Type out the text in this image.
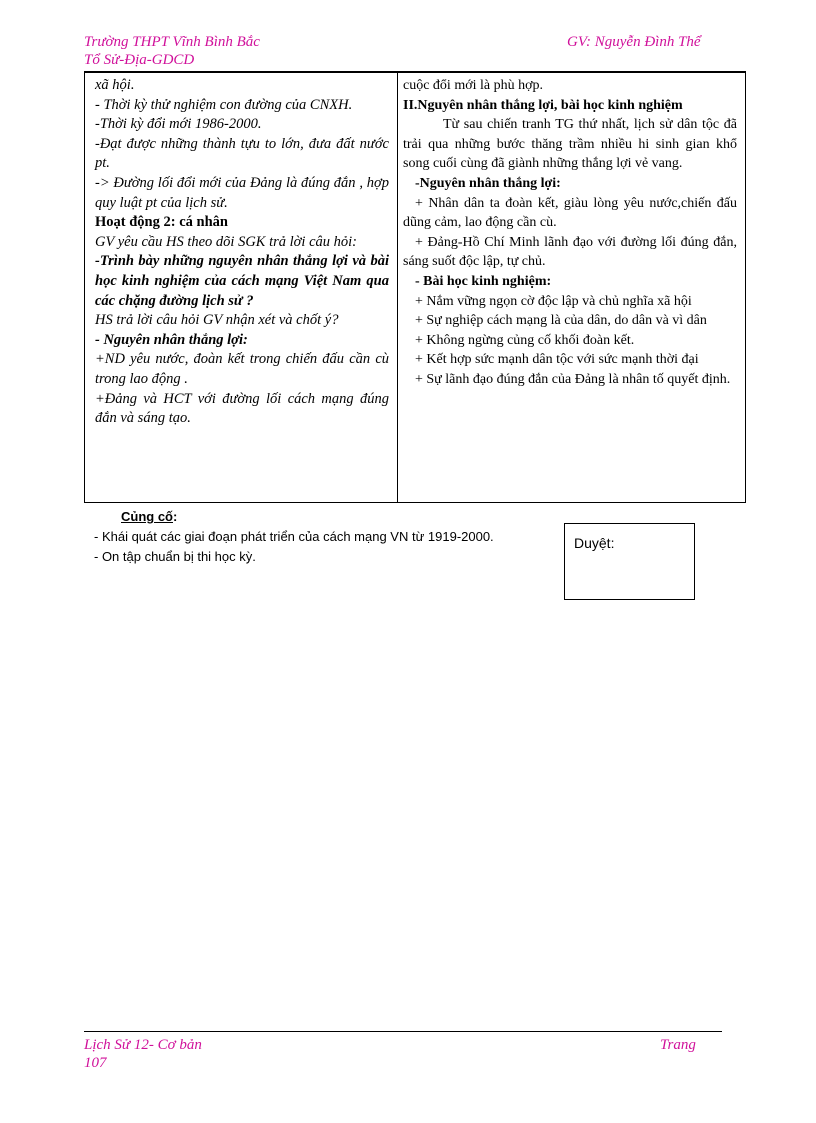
Trường THPT Vĩnh Bình Bắc
Tổ Sử-Địa-GDCD
GV: Nguyễn Đình Thể
xã hội.
- Thời kỳ thử nghiệm con đường của CNXH.
-Thời kỳ đổi mới 1986-2000.
-Đạt được những thành tựu to lớn, đưa đất nước pt.
-> Đường lối đổi mới của Đảng là đúng đắn , hợp quy luật pt của lịch sử.
Hoạt động 2: cá nhân
GV yêu cầu HS theo dõi SGK trả lời câu hỏi:
-Trình bày những nguyên nhân thắng lợi và bài học kinh nghiệm của cách mạng Việt Nam qua các chặng đường lịch sử ?
HS trả lời câu hỏi GV nhận xét và chốt ý?
- Nguyên nhân thắng lợi:
+ND yêu nước, đoàn kết trong chiến đấu cần cù trong lao động .
+Đảng và HCT với đường lối cách mạng đúng đắn và sáng tạo.
cuộc đổi mới là phù hợp.
II.Nguyên nhân thắng lợi, bài học kinh nghiệm
Từ sau chiến tranh TG thứ nhất, lịch sử dân tộc đã trải qua những bước thăng trầm nhiều hi sinh gian khổ song cuối cùng đã giành những thắng lợi vẻ vang.
-Nguyên nhân thắng lợi:
+ Nhân dân ta đoàn kết, giàu lòng yêu nước,chiến đấu dũng cảm, lao động cần cù.
+ Đảng-Hồ Chí Minh lãnh đạo với đường lối đúng đắn, sáng suốt độc lập, tự chủ.
- Bài học kinh nghiệm:
+ Nắm vững ngọn cờ độc lập và chủ nghĩa xã hội
+ Sự nghiệp cách mạng là của dân, do dân và vì dân
+ Không ngừng củng cố khối đoàn kết.
+ Kết hợp sức mạnh dân tộc với sức mạnh thời đại
+ Sự lãnh đạo đúng đắn của Đảng là nhân tố quyết định.
Củng cố:
- Khái quát các giai đoạn phát triển của cách mạng VN từ 1919-2000.
- On tập chuẩn bị thi học kỳ.
Duyệt:
Lịch Sử 12- Cơ bản
107
Trang
